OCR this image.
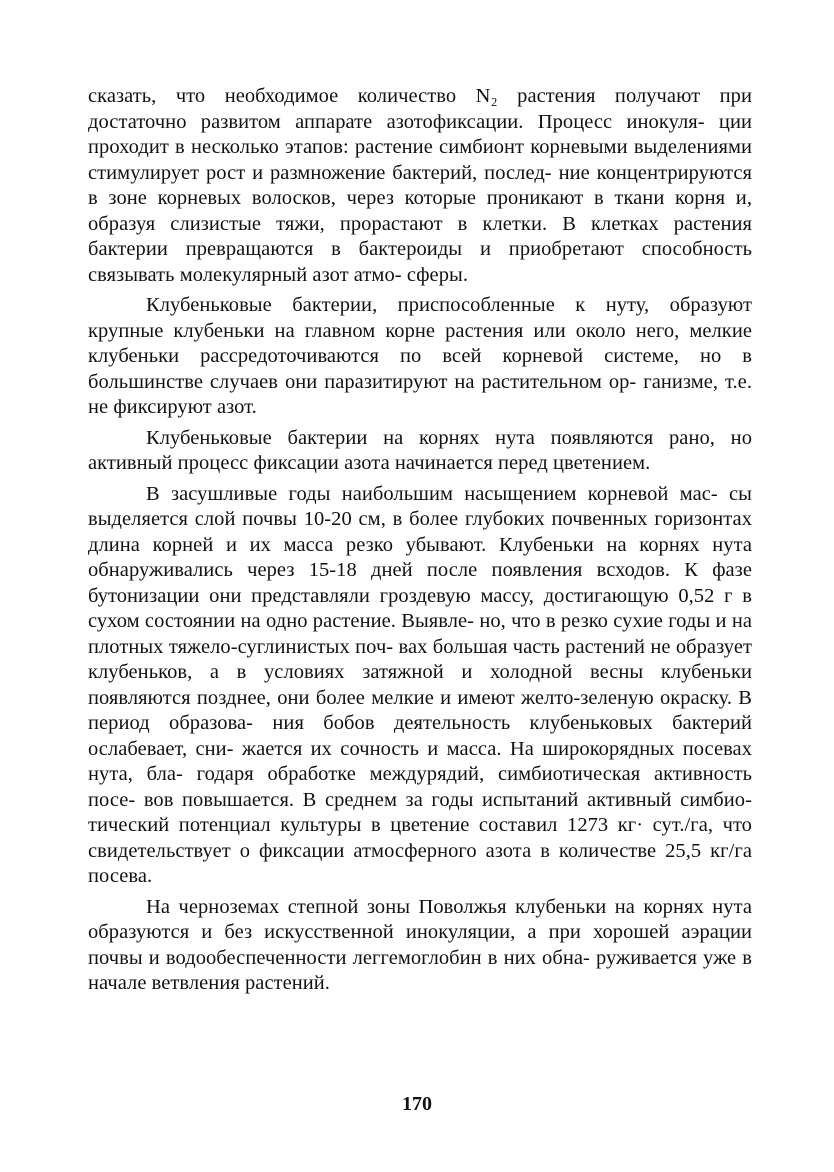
сказать, что необходимое количество N₂ растения получают при достаточно развитом аппарате азотофиксации. Процесс инокуля- ции проходит в несколько этапов: растение симбионт корневыми выделениями стимулирует рост и размножение бактерий, послед- ние концентрируются в зоне корневых волосков, через которые проникают в ткани корня и, образуя слизистые тяжи, прорастают в клетки. В клетках растения бактерии превращаются в бактероиды и приобретают способность связывать молекулярный азот атмо- сферы.

Клубеньковые бактерии, приспособленные к нуту, образуют крупные клубеньки на главном корне растения или около него, мелкие клубеньки рассредоточиваются по всей корневой системе, но в большинстве случаев они паразитируют на растительном ор- ганизме, т.е. не фиксируют азот.

Клубеньковые бактерии на корнях нута появляются рано, но активный процесс фиксации азота начинается перед цветением.

В засушливые годы наибольшим насыщением корневой мас- сы выделяется слой почвы 10-20 см, в более глубоких почвенных горизонтах длина корней и их масса резко убывают. Клубеньки на корнях нута обнаруживались через 15-18 дней после появления всходов. К фазе бутонизации они представляли гроздевую массу, достигающую 0,52 г в сухом состоянии на одно растение. Выявле- но, что в резко сухие годы и на плотных тяжело-суглинистых поч- вах большая часть растений не образует клубеньков, а в условиях затяжной и холодной весны клубеньки появляются позднее, они более мелкие и имеют желто-зеленую окраску. В период образова- ния бобов деятельность клубеньковых бактерий ослабевает, сни- жается их сочность и масса. На широкорядных посевах нута, бла- годаря обработке междурядий, симбиотическая активность посе- вов повышается. В среднем за годы испытаний активный симбио- тический потенциал культуры в цветение составил 1273 кг· сут./га, что свидетельствует о фиксации атмосферного азота в количестве 25,5 кг/га посева.

На черноземах степной зоны Поволжья клубеньки на корнях нута образуются и без искусственной инокуляции, а при хорошей аэрации почвы и водообеспеченности леггемоглобин в них обна- руживается уже в начале ветвления растений.

170
